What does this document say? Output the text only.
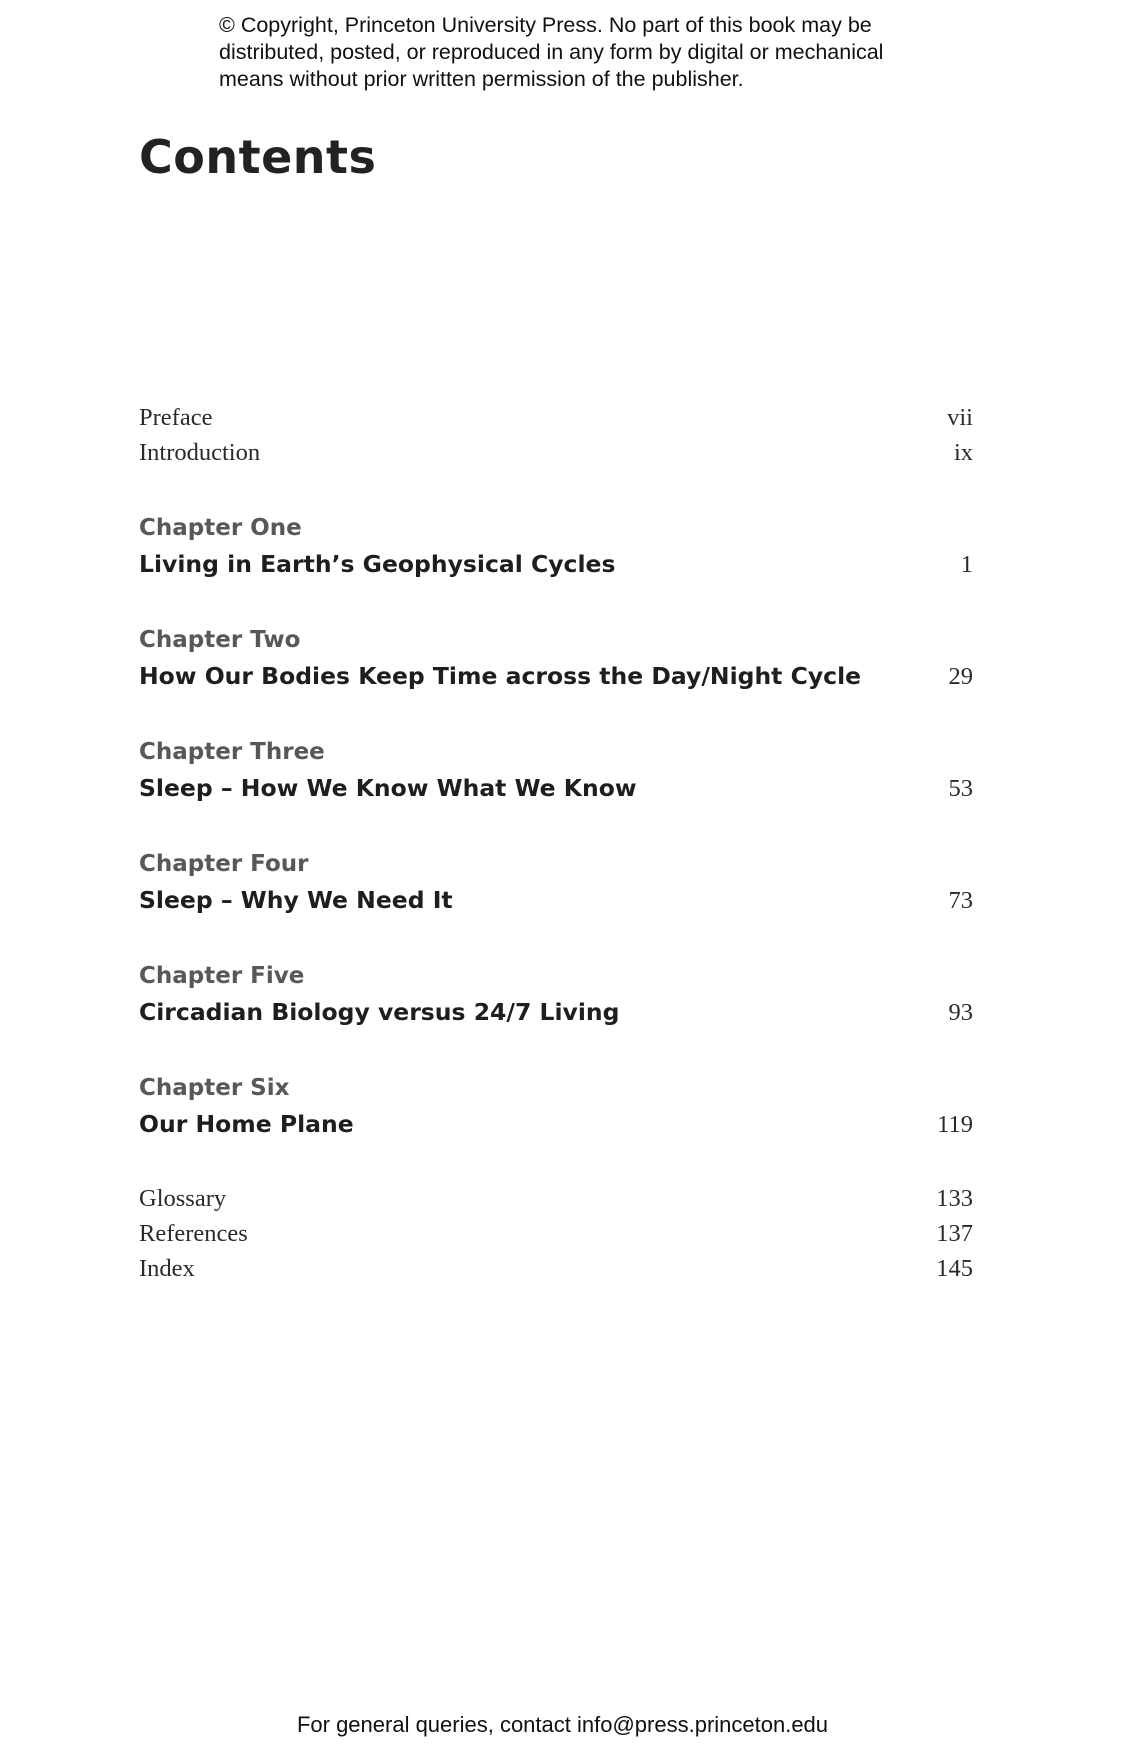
© Copyright, Princeton University Press. No part of this book may be
distributed, posted, or reproduced in any form by digital or mechanical
means without prior written permission of the publisher.
Contents
Preface	vii
Introduction	ix
Chapter One
Living in Earth’s Geophysical Cycles	1
Chapter Two
How Our Bodies Keep Time across the Day/Night Cycle	29
Chapter Three
Sleep – How We Know What We Know	53
Chapter Four
Sleep – Why We Need It	73
Chapter Five
Circadian Biology versus 24/7 Living	93
Chapter Six
Our Home Plane	119
Glossary	133
References	137
Index	145
For general queries, contact info@press.princeton.edu
